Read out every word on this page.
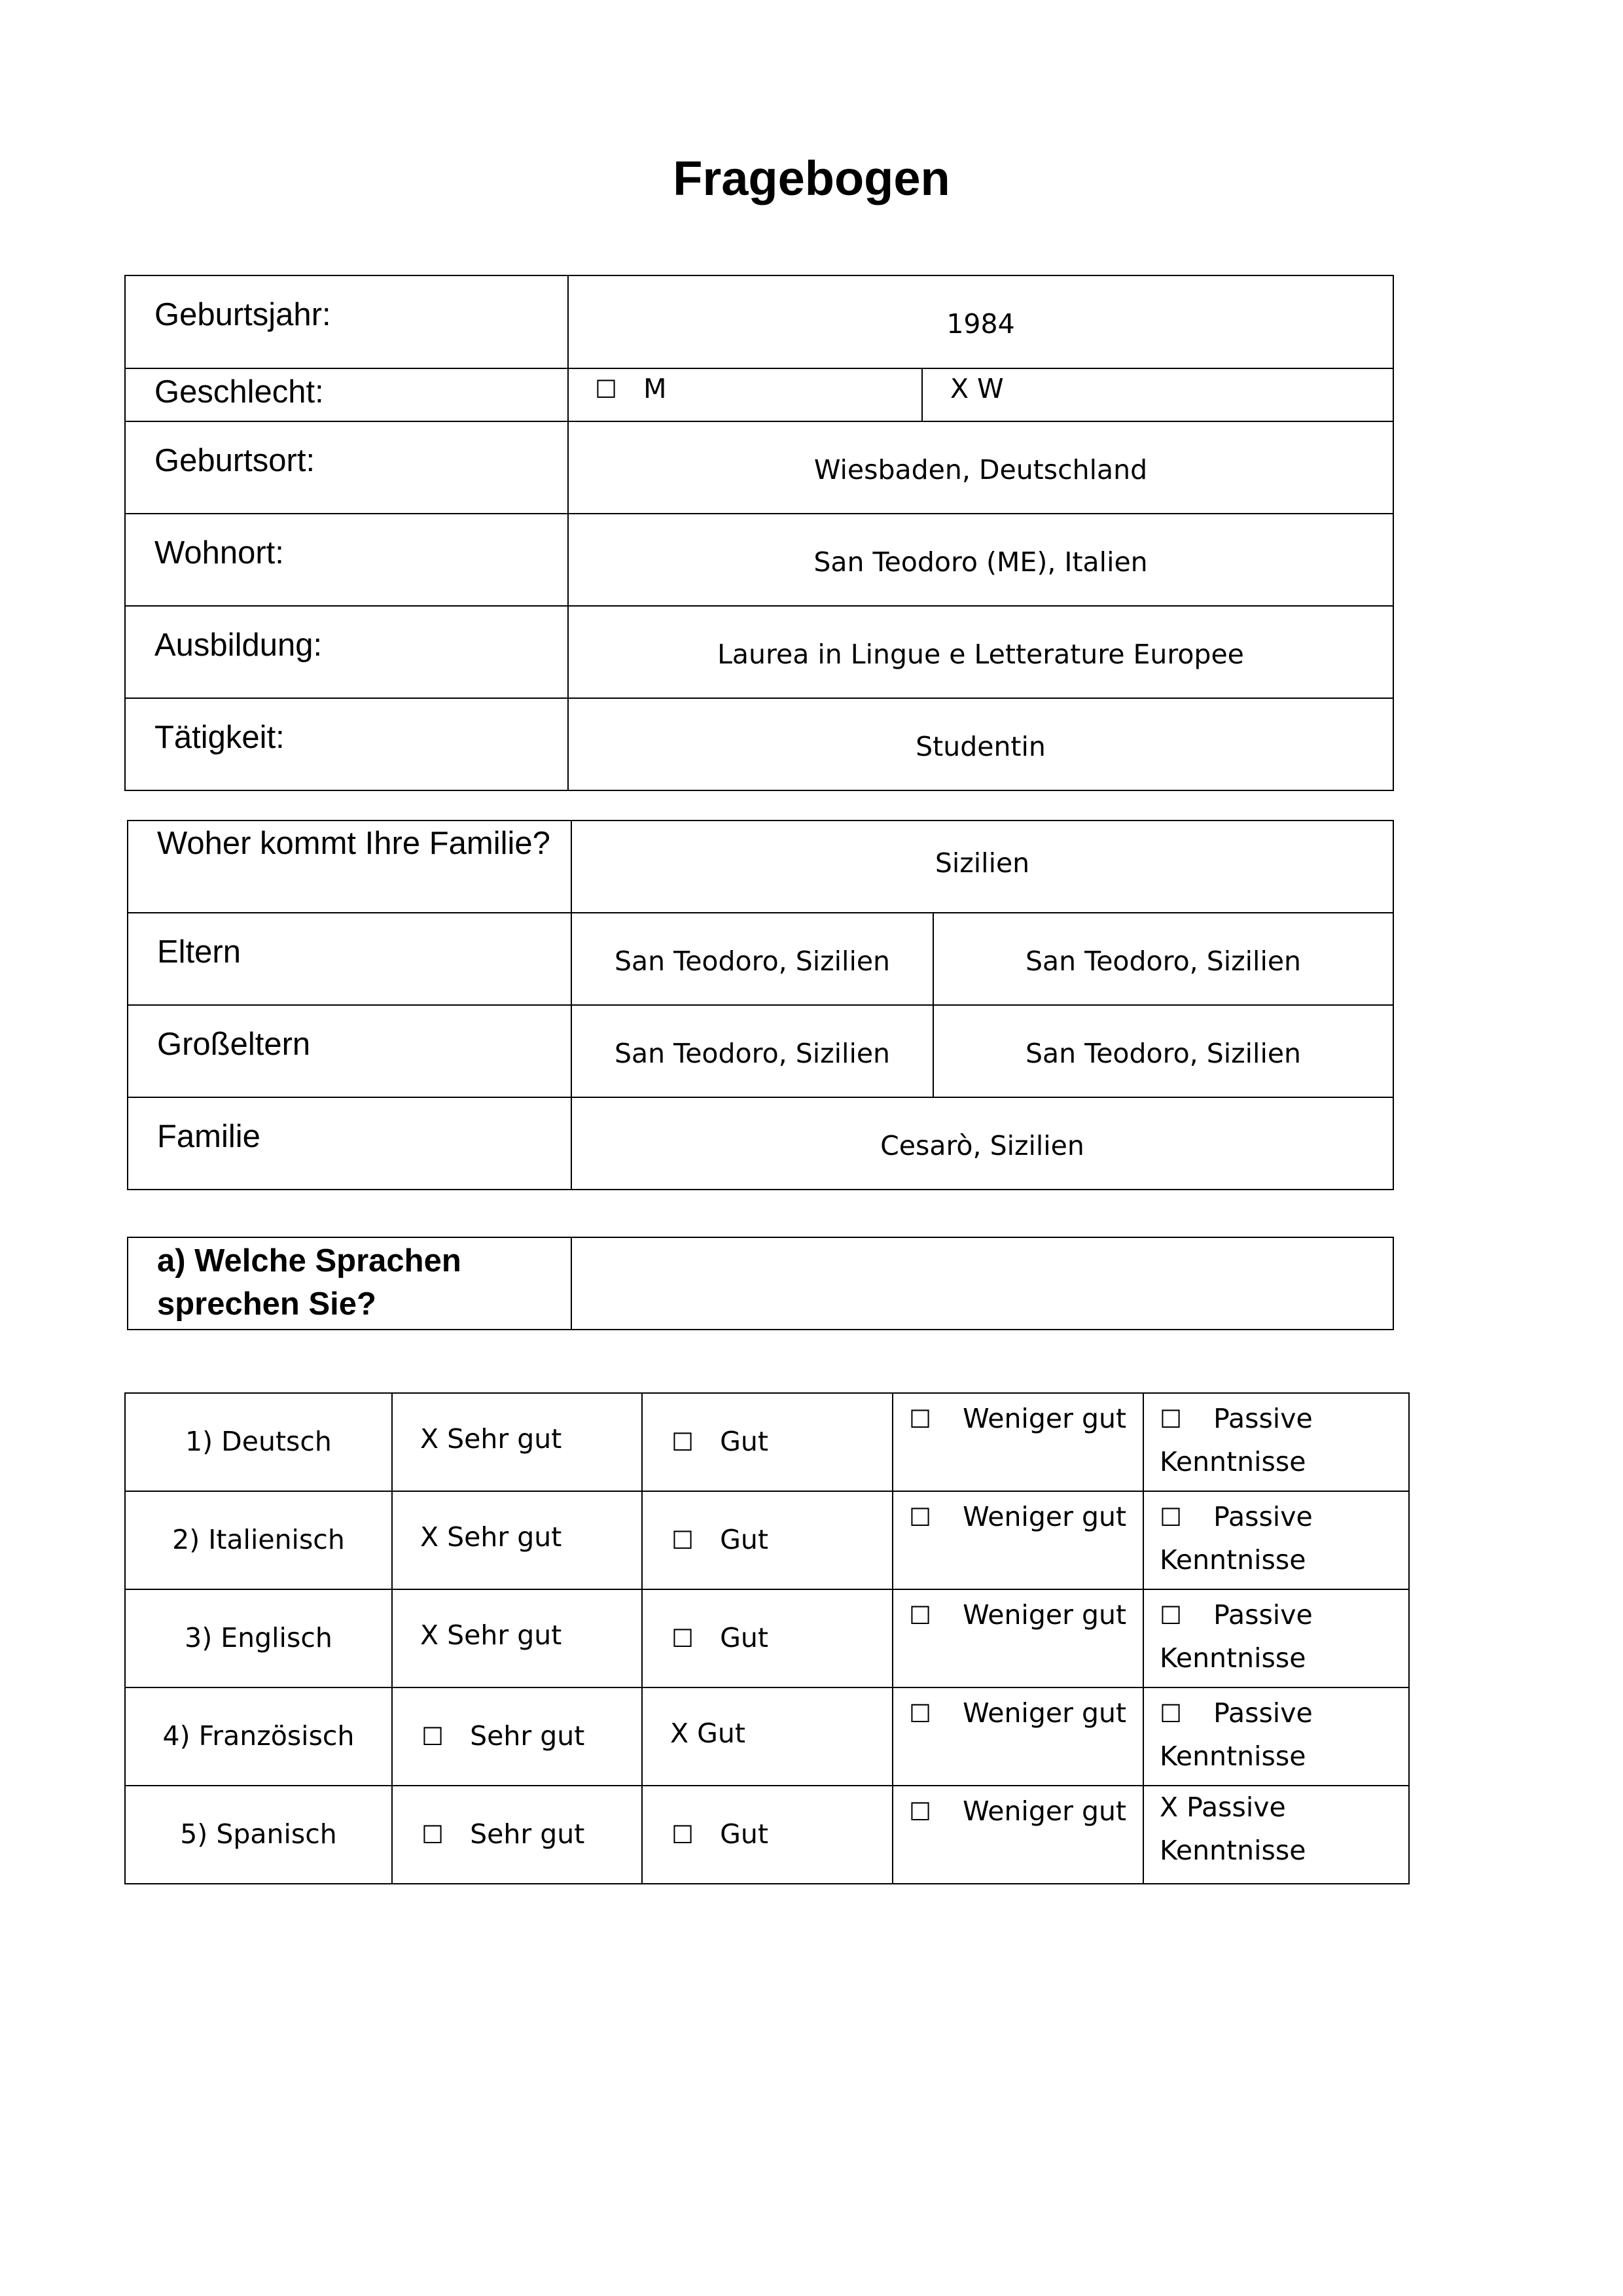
Fragebogen
Geburtsjahr:	1984	
Geschlecht:	☐ M	X W
Geburtsort:	Wiesbaden, Deutschland	
Wohnort:	San Teodoro (ME), Italien	
Ausbildung:	Laurea in Lingue e Letterature Europee	
Tätigkeit:	Studentin	
Woher kommt Ihre Familie?	Sizilien	
Eltern	San Teodoro, Sizilien	San Teodoro, Sizilien
Großeltern	San Teodoro, Sizilien	San Teodoro, Sizilien
Familie	Cesarò, Sizilien	
a) Welche Sprachen sprechen Sie?	
1) Deutsch	X Sehr gut	☐ Gut	☐ Weniger gut	☐ Passive Kenntnisse
2) Italienisch	X Sehr gut	☐ Gut	☐ Weniger gut	☐ Passive Kenntnisse
3) Englisch	X Sehr gut	☐ Gut	☐ Weniger gut	☐ Passive Kenntnisse
4) Französisch	☐ Sehr gut	X Gut	☐ Weniger gut	☐ Passive Kenntnisse
5) Spanisch	☐ Sehr gut	☐ Gut	☐ Weniger gut	X Passive Kenntnisse
